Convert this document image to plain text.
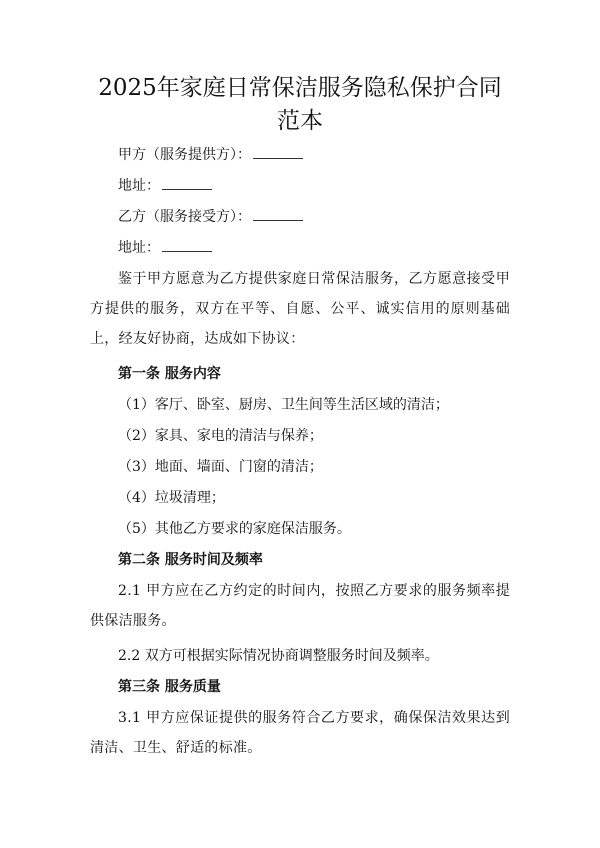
2025年家庭日常保洁服务隐私保护合同范本
甲方（服务提供方）：
地址：
乙方（服务接受方）：
地址：

鉴于甲方愿意为乙方提供家庭日常保洁服务，乙方愿意接受甲方提供的服务，双方在平等、自愿、公平、诚实信用的原则基础上，经友好协商，达成如下协议：

第一条 服务内容
（1）客厅、卧室、厨房、卫生间等生活区域的清洁；
（2）家具、家电的清洁与保养；
（3）地面、墙面、门窗的清洁；
（4）垃圾清理；
（5）其他乙方要求的家庭保洁服务。
第二条 服务时间及频率

2.1 甲方应在乙方约定的时间内，按照乙方要求的服务频率提供保洁服务。

2.2 双方可根据实际情况协商调整服务时间及频率。
第三条 服务质量

3.1 甲方应保证提供的服务符合乙方要求，确保保洁效果达到清洁、卫生、舒适的标准。
